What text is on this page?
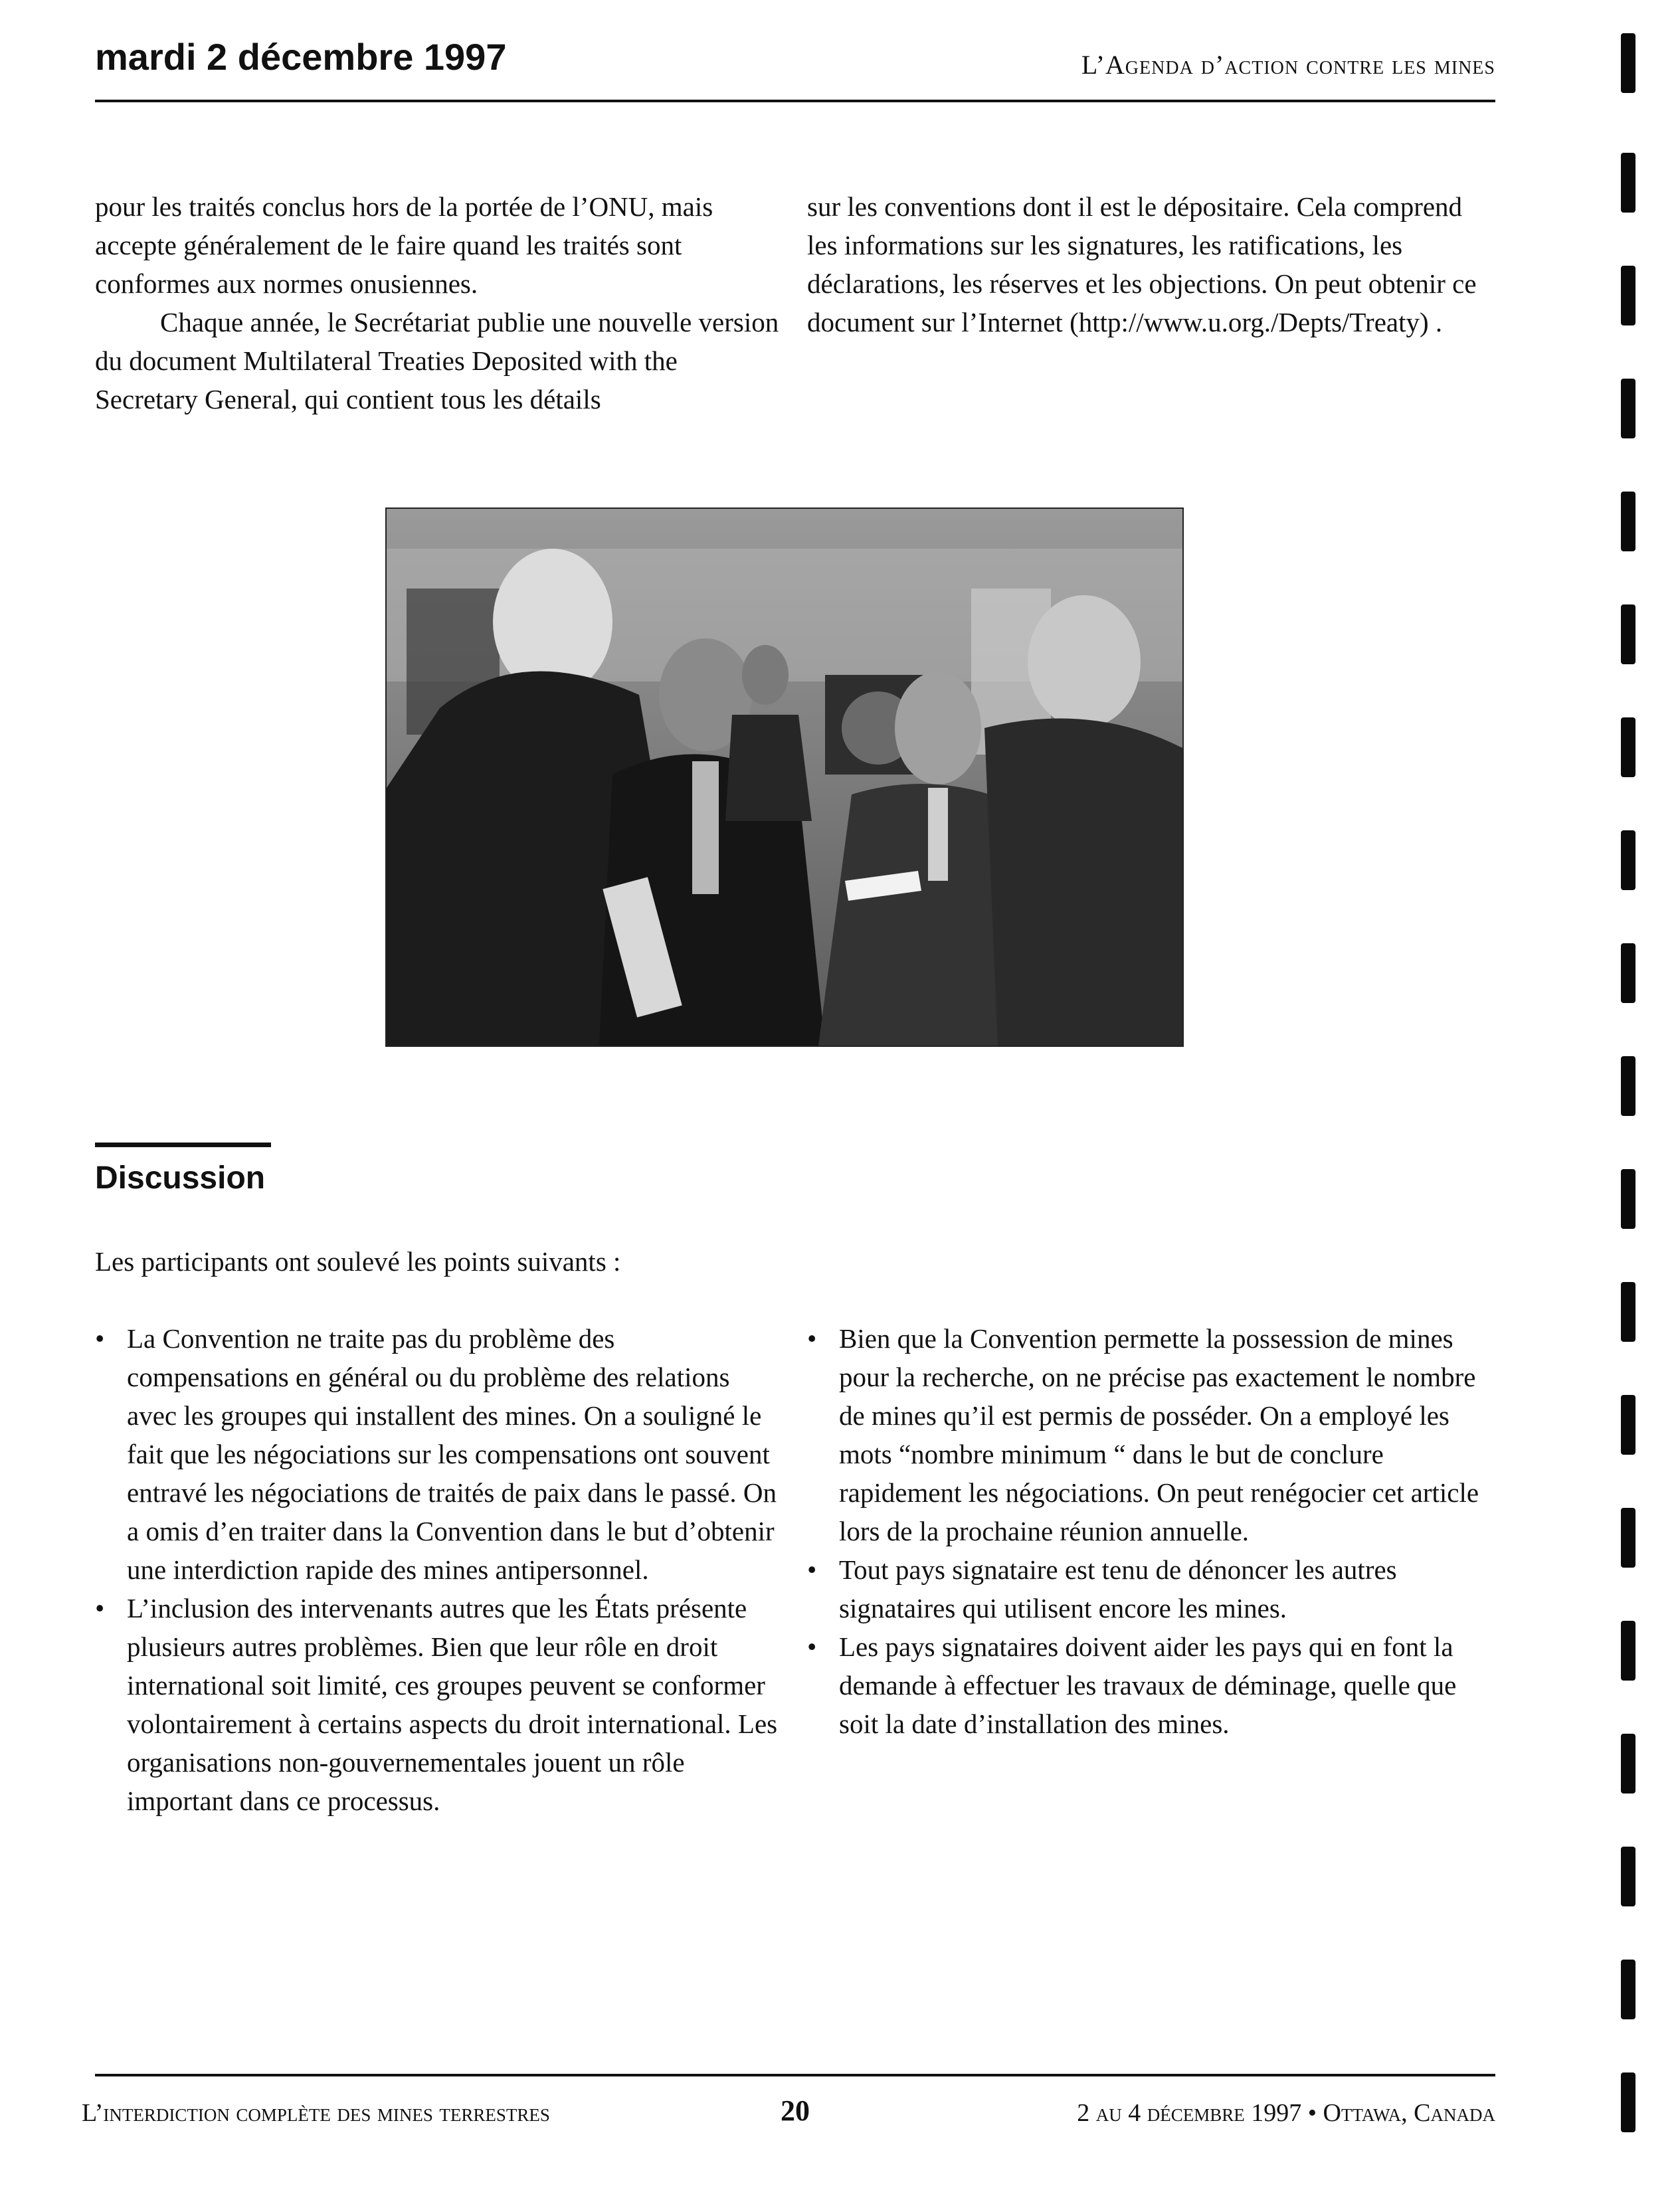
mardi 2 décembre 1997	L’Agenda d’action contre les mines

pour les traités conclus hors de la portée de l’ONU, mais accepte généralement de le faire quand les traités sont conformes aux normes onusiennes.

Chaque année, le Secrétariat publie une nouvelle version du document Multilateral Treaties Deposited with the Secretary General, qui contient tous les détails

sur les conventions dont il est le dépositaire. Cela comprend les informations sur les signatures, les ratifications, les déclarations, les réserves et les objections. On peut obtenir ce document sur l’Internet (http://www.u.org./Depts/Treaty) .

Discussion
Les participants ont soulevé les points suivants :
• La Convention ne traite pas du problème des compensations en général ou du problème des relations avec les groupes qui installent des mines. On a souligné le fait que les négociations sur les compensations ont souvent entravé les négociations de traités de paix dans le passé. On a omis d’en traiter dans la Convention dans le but d’obtenir une interdiction rapide des mines antipersonnel.
• L’inclusion des intervenants autres que les États présente plusieurs autres problèmes. Bien que leur rôle en droit international soit limité, ces groupes peuvent se conformer volontairement à certains aspects du droit international. Les organisations non-gouvernementales jouent un rôle important dans ce processus.
• Bien que la Convention permette la possession de mines pour la recherche, on ne précise pas exactement le nombre de mines qu’il est permis de posséder. On a employé les mots “nombre minimum “ dans le but de conclure rapidement les négociations. On peut renégocier cet article lors de la prochaine réunion annuelle.
• Tout pays signataire est tenu de dénoncer les autres signataires qui utilisent encore les mines.
• Les pays signataires doivent aider les pays qui en font la demande à effectuer les travaux de déminage, quelle que soit la date d’installation des mines.
L’interdiction complète des mines terrestres	20	2 au 4 décembre 1997 • Ottawa, Canada
